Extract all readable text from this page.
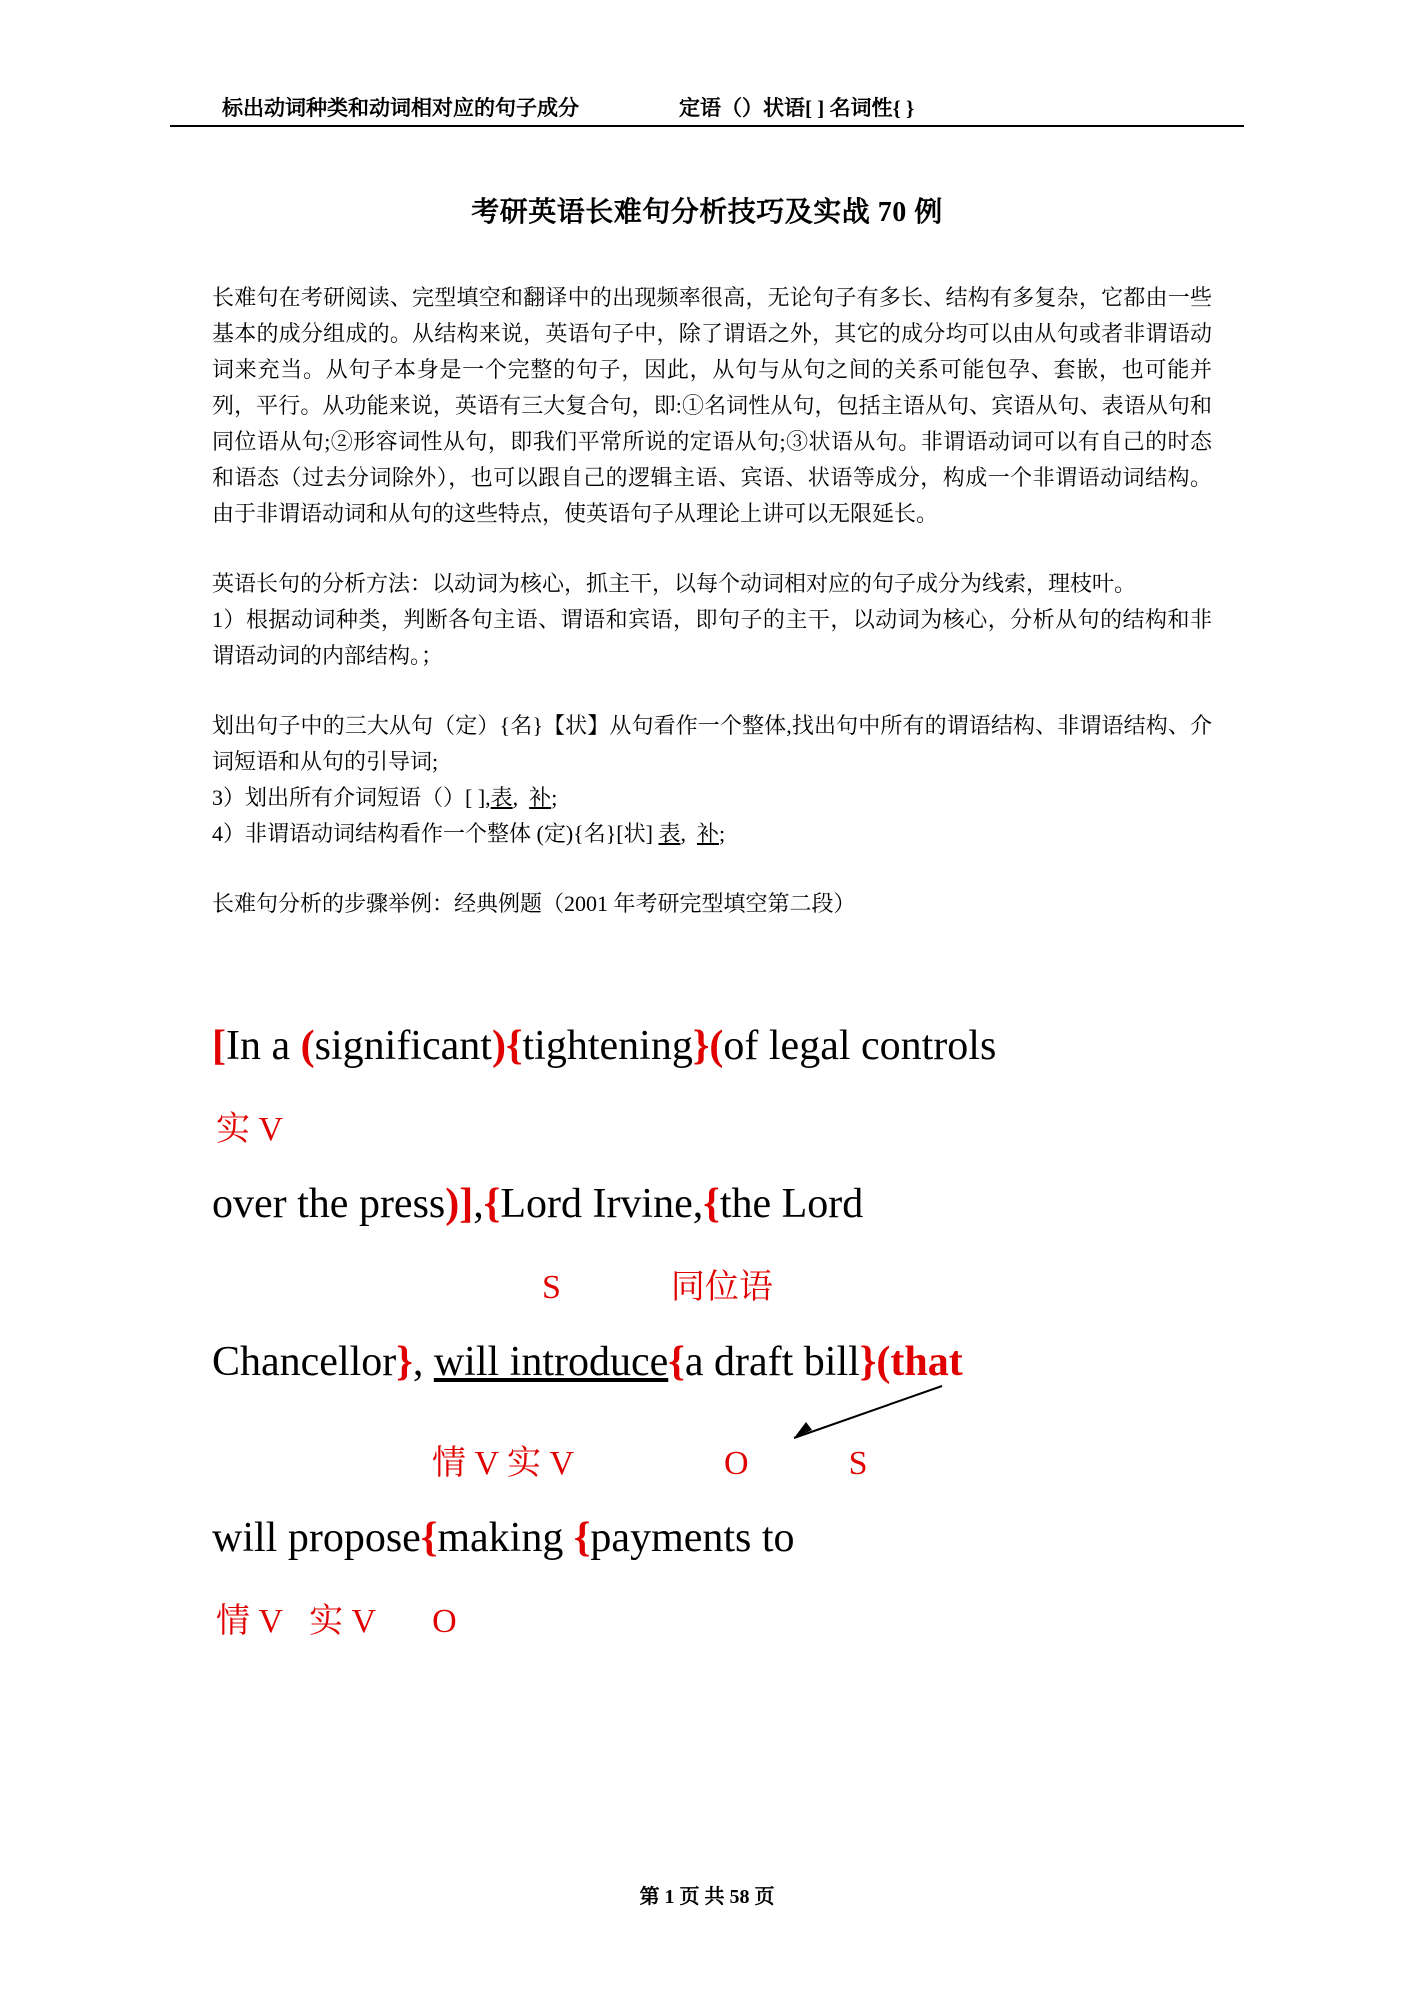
标出动词种类和动词相对应的句子成分	定语（）状语[ ] 名词性{ }
考研英语长难句分析技巧及实战 70 例

长难句在考研阅读、完型填空和翻译中的出现频率很高，无论句子有多长、结构有多复杂，它都由一些基本的成分组成的。从结构来说，英语句子中，除了谓语之外，其它的成分均可以由从句或者非谓语动词来充当。从句子本身是一个完整的句子，因此，从句与从句之间的关系可能包孕、套嵌，也可能并列，平行。从功能来说，英语有三大复合句，即:①名词性从句，包括主语从句、宾语从句、表语从句和同位语从句;②形容词性从句，即我们平常所说的定语从句;③状语从句。非谓语动词可以有自己的时态和语态（过去分词除外），也可以跟自己的逻辑主语、宾语、状语等成分，构成一个非谓语动词结构。由于非谓语动词和从句的这些特点，使英语句子从理论上讲可以无限延长。

英语长句的分析方法：以动词为核心，抓主干，以每个动词相对应的句子成分为线索，理枝叶。

1）根据动词种类，判断各句主语、谓语和宾语，即句子的主干，以动词为核心，分析从句的结构和非谓语动词的内部结构。；

划出句子中的三大从句（定）{名}【状】从句看作一个整体,找出句中所有的谓语结构、非谓语结构、介词短语和从句的引导词;

3）划出所有介词短语（）[ ],表, 补;

4）非谓语动词结构看作一个整体 (定){名}[状] 表, 补;

长难句分析的步骤举例：经典例题（2001 年考研完型填空第二段）

[In a (significant){tightening}(of legal controls
实 V
over the press)],{Lord Irvine,{the Lord
S	同位语
Chancellor}, will introduce{a draft bill}(that
情 V 实 V	O	S
will propose{making {payments to
情 V 实 V O
第 1 页 共 58 页
